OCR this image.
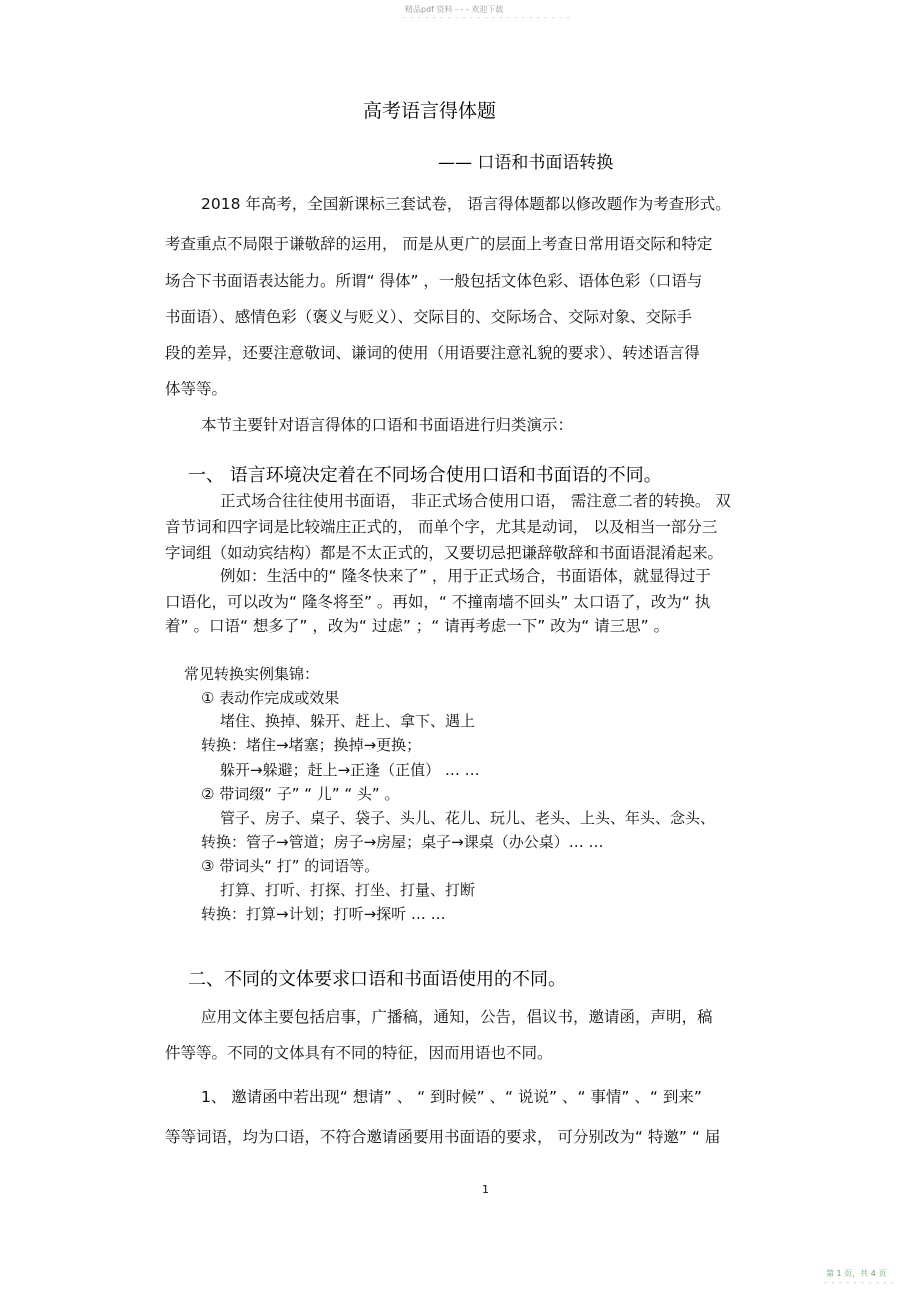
精品pdf 资料 - - - 欢迎下载
- - - - - - - - - - - - - - - - - - - - - - -
高考语言得体题
—— 口语和书面语转换
2018 年高考，全国新课标三套试卷， 语言得体题都以修改题作为考查形式。
考查重点不局限于谦敬辞的运用， 而是从更广的层面上考查日常用语交际和特定
场合下书面语表达能力。所谓“ 得体” ，一般包括文体色彩、语体色彩（口语与
书面语）、感情色彩（褒义与贬义）、交际目的、交际场合、交际对象、交际手
段的差异，还要注意敬词、谦词的使用（用语要注意礼貌的要求）、转述语言得
体等等。
本节主要针对语言得体的口语和书面语进行归类演示：
一、 语言环境决定着在不同场合使用口语和书面语的不同。
正式场合往往使用书面语， 非正式场合使用口语， 需注意二者的转换。 双
音节词和四字词是比较端庄正式的， 而单个字，尤其是动词， 以及相当一部分三
字词组（如动宾结构）都是不太正式的，又要切忌把谦辞敬辞和书面语混淆起来。
例如：生活中的“ 隆冬快来了” ，用于正式场合，书面语体，就显得过于
口语化，可以改为“ 隆冬将至” 。再如，“ 不撞南墙不回头” 太口语了，改为“ 执
着” 。口语“ 想多了” ，改为“ 过虑” ；“ 请再考虑一下” 改为“ 请三思” 。
常见转换实例集锦：
① 表动作完成或效果
堵住、换掉、躲开、赶上、拿下、遇上
转换：堵住→堵塞；换掉→更换；
躲开→躲避；赶上→正逢（正值） … …
② 带词缀“ 子” “ 儿” “ 头” 。
管子、房子、桌子、袋子、头儿、花儿、玩儿、老头、上头、年头、念头、
转换：管子→管道；房子→房屋；桌子→课桌（办公桌）… …
③ 带词头“ 打” 的词语等。
打算、打听、打探、打坐、打量、打断
转换：打算→计划；打听→探听 … …
二、不同的文体要求口语和书面语使用的不同。
应用文体主要包括启事，广播稿，通知，公告，倡议书，邀请函，声明，稿
件等等。不同的文体具有不同的特征，因而用语也不同。
1、 邀请函中若出现“ 想请” 、 “ 到时候” 、“ 说说” 、“ 事情” 、“ 到来”
等等词语，均为口语，不符合邀请函要用书面语的要求， 可分别改为“ 特邀” “ 届
1
第 1 页，共 4 页
- - - - - - - - - -
